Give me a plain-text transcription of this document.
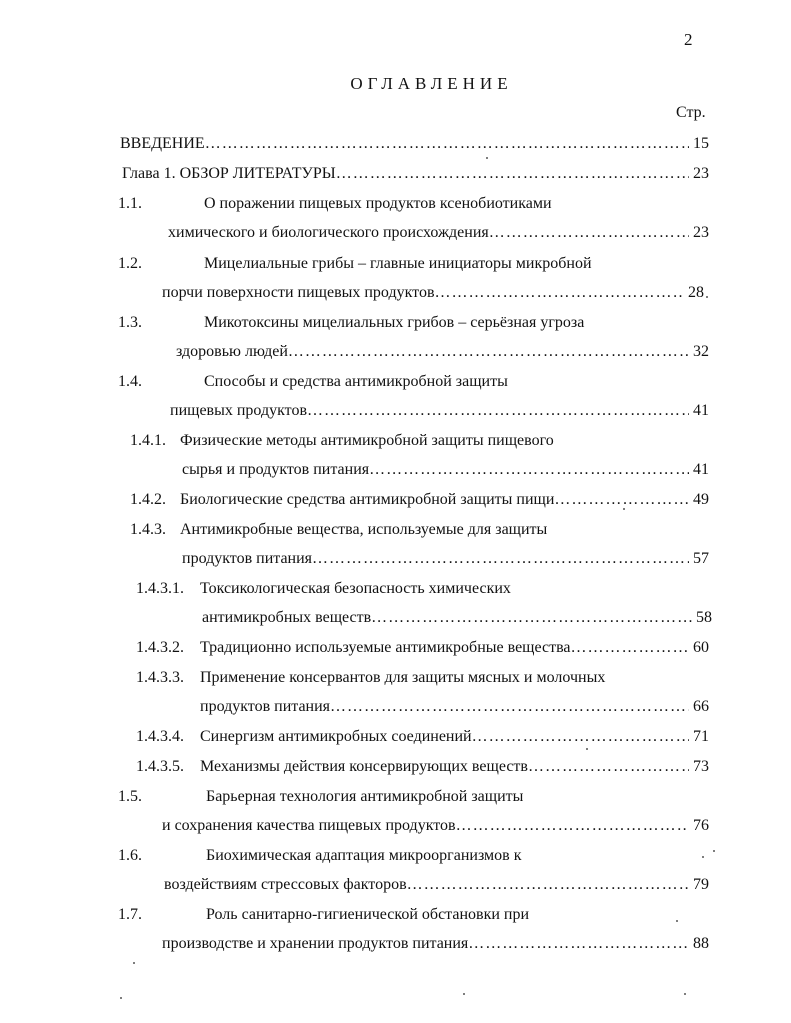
2
ОГЛАВЛЕНИЕ
Стр.
ВВЕДЕНИЕ ……………………………………………………………………………………………………………………………………………………	15
Глава 1. ОБЗОР ЛИТЕРАТУРЫ ……………………………………………………………………………………………………………………………………………………	23
1.1.	О поражении пищевых продуктов ксенобиотиками
химического и биологического происхождения ……………………………………………………………………………………………………………………………………………………	23
1.2.	Мицелиальные грибы – главные инициаторы микробной
порчи поверхности пищевых продуктов ……………………………………………………………………………………………………………………………………………………	28
1.3.	Микотоксины мицелиальных грибов – серьёзная угроза
здоровью людей ……………………………………………………………………………………………………………………………………………………	32
1.4.	Способы и средства антимикробной защиты
пищевых продуктов ……………………………………………………………………………………………………………………………………………………	41
1.4.1. Физические методы антимикробной защиты пищевого
сырья и продуктов питания ……………………………………………………………………………………………………………………………………………………	41
1.4.2. Биологические средства антимикробной защиты пищи ……………………………………………………………………………………………………………………………………………………	49
1.4.3. Антимикробные вещества, используемые для защиты
продуктов питания ……………………………………………………………………………………………………………………………………………………	57
1.4.3.1. Токсикологическая безопасность химических
антимикробных веществ ……………………………………………………………………………………………………………………………………………………	58
1.4.3.2. Традиционно используемые антимикробные вещества ……………………………………………………………………………………………………………………………………………………	60
1.4.3.3. Применение консервантов для защиты мясных и молочных
продуктов питания ……………………………………………………………………………………………………………………………………………………	66
1.4.3.4. Синергизм антимикробных соединений ……………………………………………………………………………………………………………………………………………………	71
1.4.3.5. Механизмы действия консервирующих веществ ……………………………………………………………………………………………………………………………………………………	73
1.5.	Барьерная технология антимикробной защиты
и сохранения качества пищевых продуктов ……………………………………………………………………………………………………………………………………………………	76
1.6.	Биохимическая адаптация микроорганизмов к
воздействиям стрессовых факторов ……………………………………………………………………………………………………………………………………………………	79
1.7.	Роль санитарно-гигиенической обстановки при
производстве и хранении продуктов питания ……………………………………………………………………………………………………………………………………………………	88
